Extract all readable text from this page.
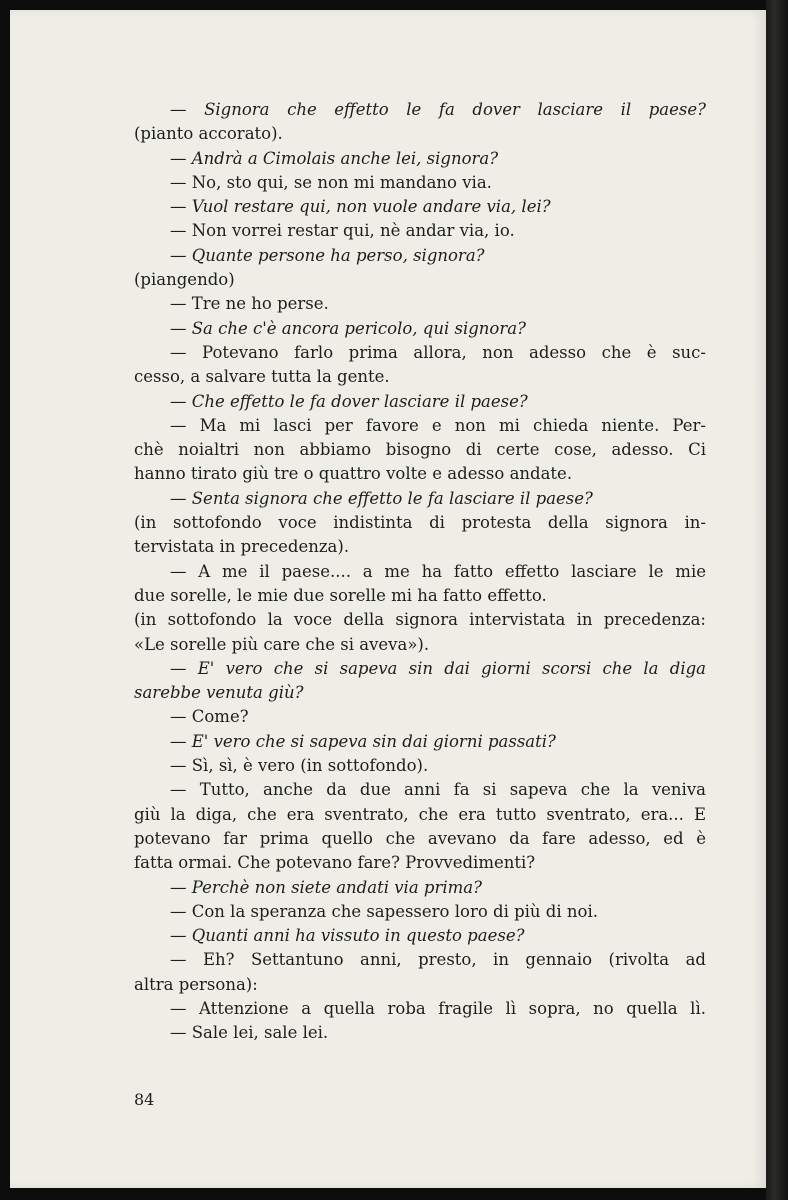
— Signora che effetto le fa dover lasciare il paese?
(pianto accorato).
— Andrà a Cimolais anche lei, signora?
— No, sto qui, se non mi mandano via.
— Vuol restare qui, non vuole andare via, lei?
— Non vorrei restar qui, nè andar via, io.
— Quante persone ha perso, signora?
(piangendo)
— Tre ne ho perse.
— Sa che c'è ancora pericolo, qui signora?
— Potevano farlo prima allora, non adesso che è suc-
cesso, a salvare tutta la gente.
— Che effetto le fa dover lasciare il paese?
— Ma mi lasci per favore e non mi chieda niente. Per-
chè noialtri non abbiamo bisogno di certe cose, adesso. Ci
hanno tirato giù tre o quattro volte e adesso andate.
— Senta signora che effetto le fa lasciare il paese?
(in sottofondo voce indistinta di protesta della signora in-
tervistata in precedenza).
— A me il paese.... a me ha fatto effetto lasciare le mie
due sorelle, le mie due sorelle mi ha fatto effetto.
(in sottofondo la voce della signora intervistata in precedenza:
«Le sorelle più care che si aveva»).
— E' vero che si sapeva sin dai giorni scorsi che la diga
sarebbe venuta giù?
— Come?
— E' vero che si sapeva sin dai giorni passati?
— Sì, sì, è vero (in sottofondo).
— Tutto, anche da due anni fa si sapeva che la veniva
giù la diga, che era sventrato, che era tutto sventrato, era... E
potevano far prima quello che avevano da fare adesso, ed è
fatta ormai. Che potevano fare? Provvedimenti?
— Perchè non siete andati via prima?
— Con la speranza che sapessero loro di più di noi.
— Quanti anni ha vissuto in questo paese?
— Eh? Settantuno anni, presto, in gennaio (rivolta ad
altra persona):
— Attenzione a quella roba fragile lì sopra, no quella lì.
— Sale lei, sale lei.
84
